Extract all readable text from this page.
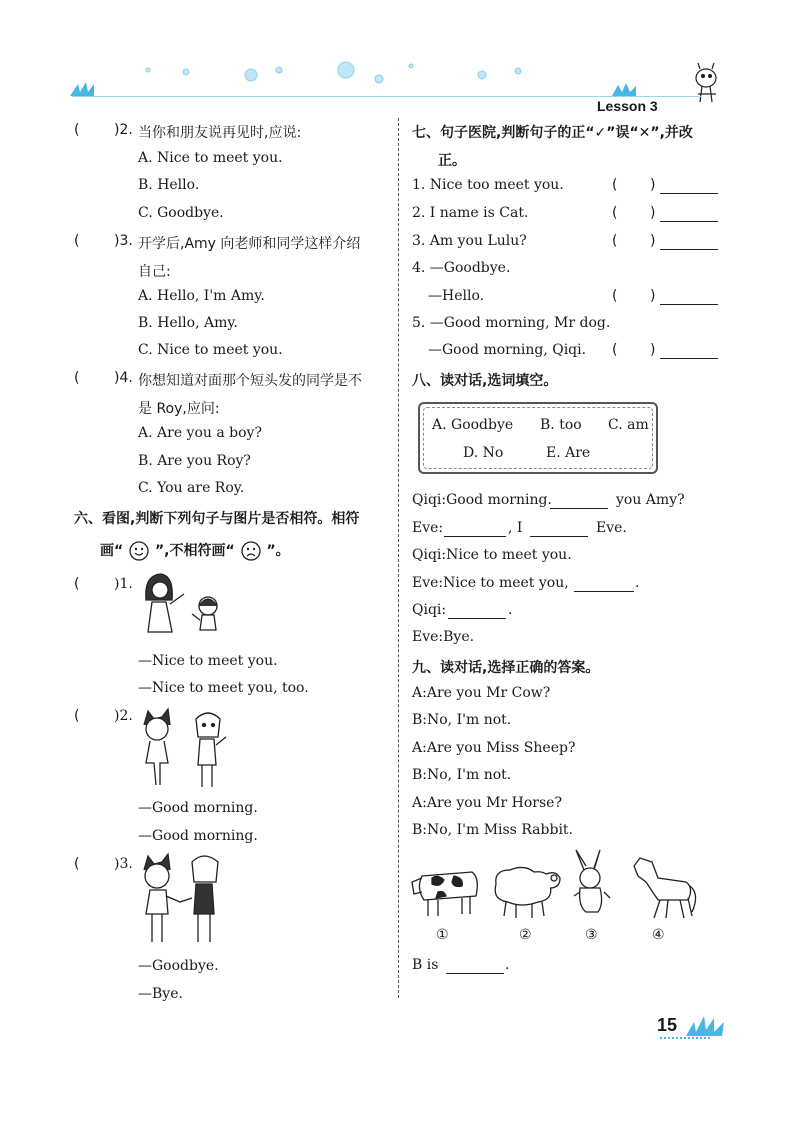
Lesson 3
( )2. 当你和朋友说再见时,应说:
A. Nice to meet you.
B. Hello.
C. Goodbye.
( )3. 开学后,Amy 向老师和同学这样介绍
自己:
A. Hello, I'm Amy.
B. Hello, Amy.
C. Nice to meet you.
( )4. 你想知道对面那个短头发的同学是不
是 Roy,应问:
A. Are you a boy?
B. Are you Roy?
C. You are Roy.
六、看图,判断下列句子与图片是否相符。相符
画“ ”,不相符画“ ”。
( )1.
—Nice to meet you.
—Nice to meet you, too.
( )2.
—Good morning.
—Good morning.
( )3.
—Goodbye.
—Bye.
七、句子医院,判断句子的正“✓”误“✕”,并改
正。
1. Nice too meet you.	( )
2. I name is Cat.	( )
3. Am you Lulu?	( )
4. —Goodbye.
—Hello.	( )
5. —Good morning, Mr dog.
—Good morning, Qiqi. ( )
八、读对话,选词填空。
A. Goodbye B. too C. am
D. No	E. Are
Qiqi:Good morning.	you Amy?
Eve:	, I	Eve.
Qiqi:Nice to meet you.
Eve:Nice to meet you,	.
Qiqi:	.
Eve:Bye.
九、读对话,选择正确的答案。
A:Are you Mr Cow?
B:No, I'm not.
A:Are you Miss Sheep?
B:No, I'm not.
A:Are you Mr Horse?
B:No, I'm Miss Rabbit.
①	②	③	④
B is	.
15
